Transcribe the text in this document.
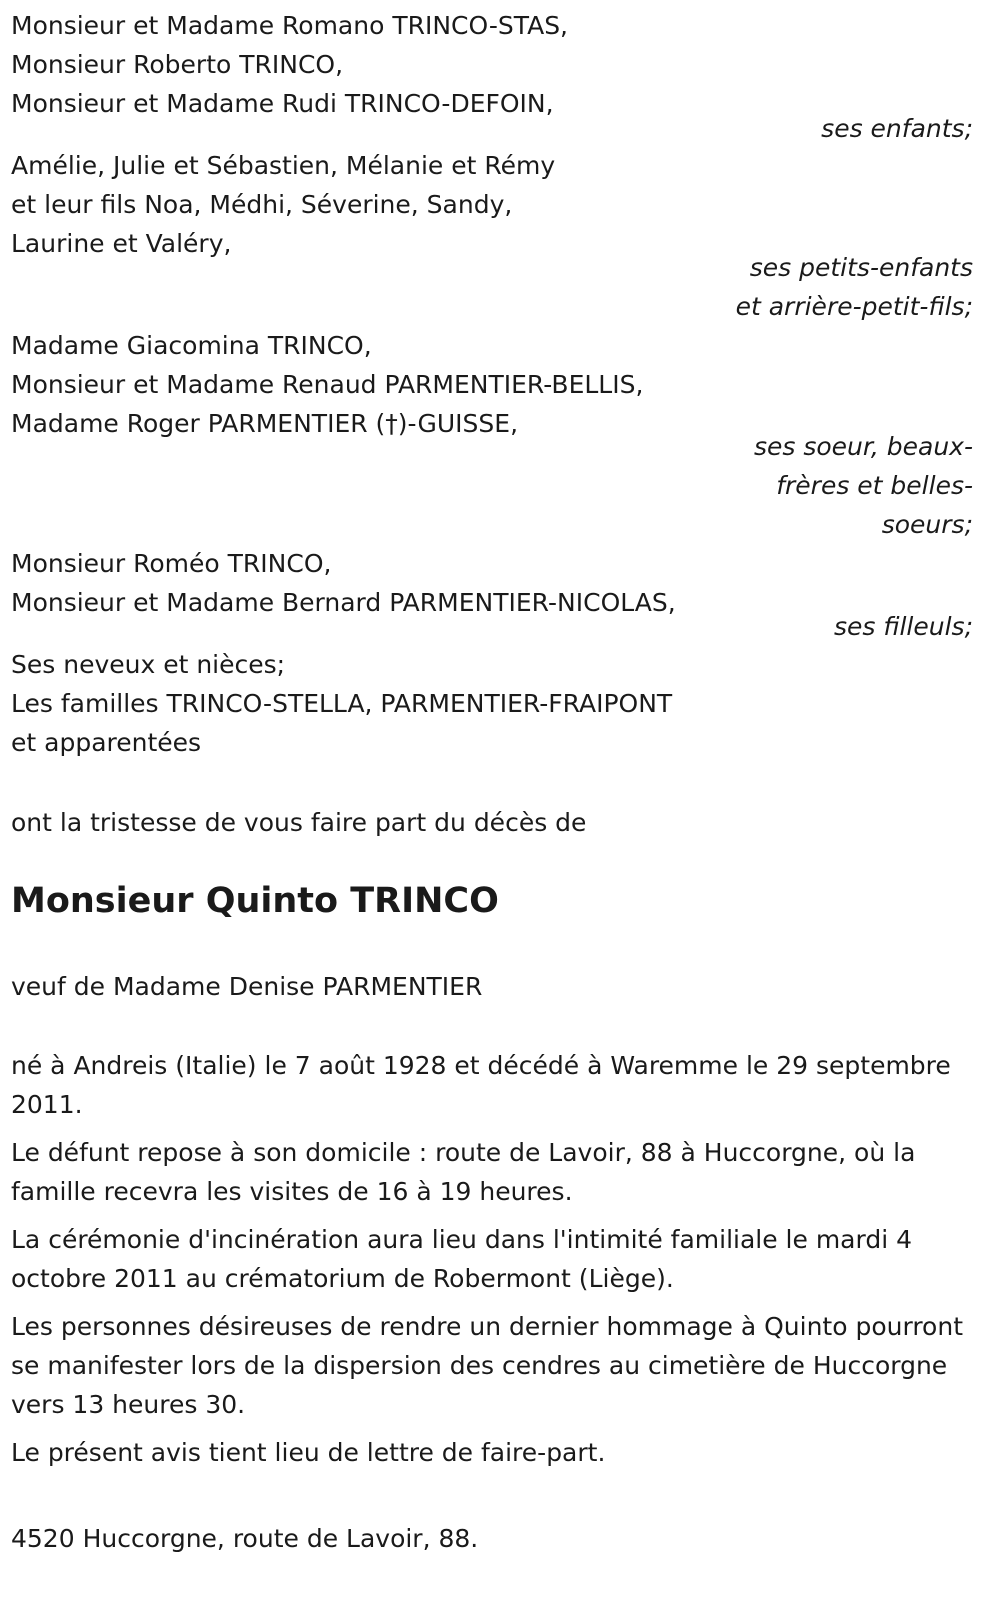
Monsieur et Madame Romano TRINCO-STAS,
Monsieur Roberto TRINCO,
Monsieur et Madame Rudi TRINCO-DEFOIN,
ses enfants;
Amélie, Julie et Sébastien, Mélanie et Rémy
et leur fils Noa, Médhi, Séverine, Sandy,
Laurine et Valéry,
ses petits-enfants
et arrière-petit-fils;
Madame Giacomina TRINCO,
Monsieur et Madame Renaud PARMENTIER-BELLIS,
Madame Roger PARMENTIER (†)-GUISSE,
ses soeur, beaux-
frères et belles-
soeurs;
Monsieur Roméo TRINCO,
Monsieur et Madame Bernard PARMENTIER-NICOLAS,
ses filleuls;
Ses neveux et nièces;
Les familles TRINCO-STELLA, PARMENTIER-FRAIPONT
et apparentées
ont la tristesse de vous faire part du décès de
Monsieur Quinto TRINCO
veuf de Madame Denise PARMENTIER
né à Andreis (Italie) le 7 août 1928 et décédé à Waremme le 29 septembre 2011.
Le défunt repose à son domicile : route de Lavoir, 88 à Huccorgne, où la famille recevra les visites de 16 à 19 heures.
La cérémonie d'incinération aura lieu dans l'intimité familiale le mardi 4 octobre 2011 au crématorium de Robermont (Liège).
Les personnes désireuses de rendre un dernier hommage à Quinto pourront se manifester lors de la dispersion des cendres au cimetière de Huccorgne vers 13 heures 30.
Le présent avis tient lieu de lettre de faire-part.
4520 Huccorgne, route de Lavoir, 88.
